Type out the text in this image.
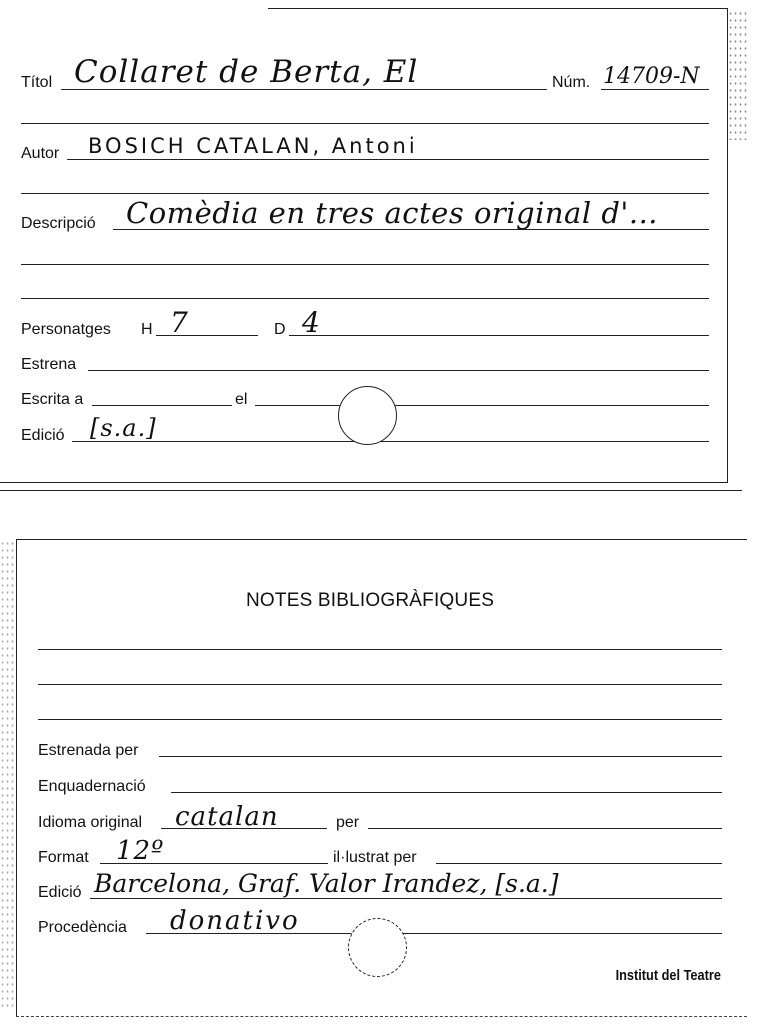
Títol Collaret de Berta, El	Núm. 14709-N
Autor BOSICH CATALAN, Antoni
Descripció Comèdia en tres actes original d'...
Personatges H 7	D 4
Estrena
Escrita a	el
Edició [s.a.]
NOTES BIBLIOGRÀFIQUES
Estrenada per
Enquadernació
Idioma original catalan	per
Format 12º	il·lustrat per
Edició Barcelona, Graf. Valor Irandez, [s.a.]
Procedència donativo
Institut del Teatre
